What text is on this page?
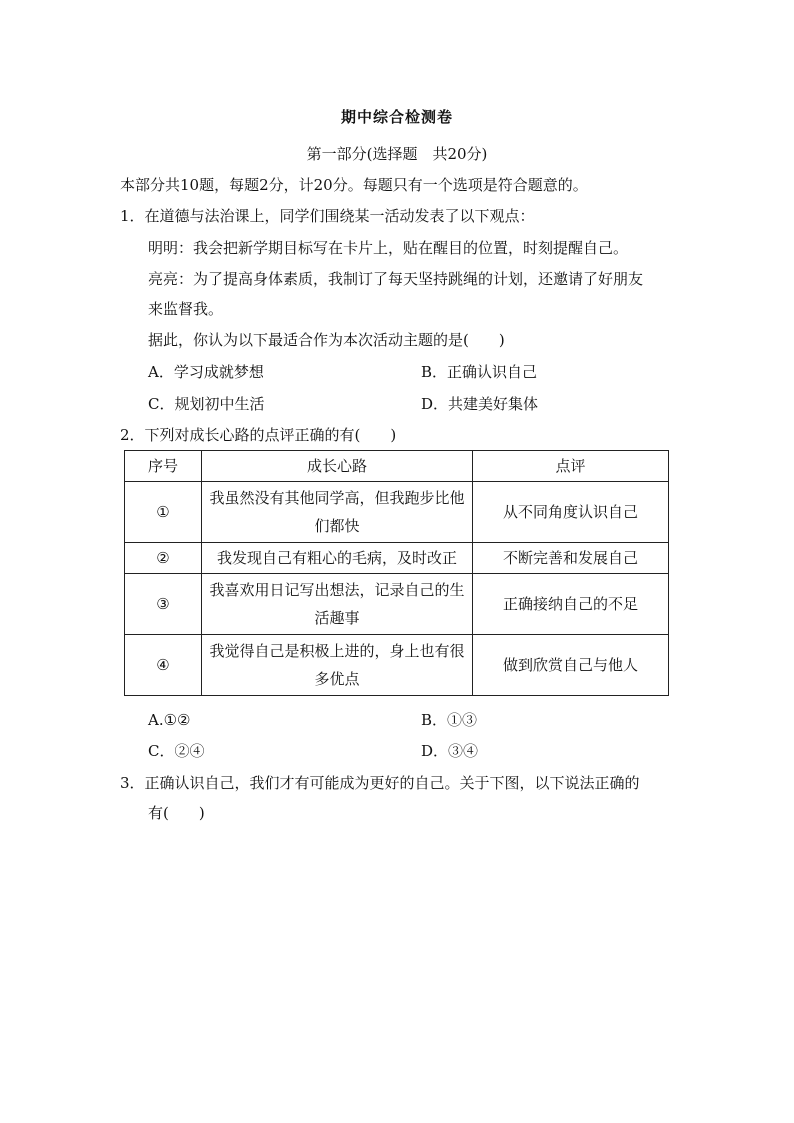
期中综合检测卷
第一部分(选择题　共20分)
本部分共10题，每题2分，计20分。每题只有一个选项是符合题意的。
1．在道德与法治课上，同学们围绕某一活动发表了以下观点：
明明：我会把新学期目标写在卡片上，贴在醒目的位置，时刻提醒自己。
亮亮：为了提高身体素质，我制订了每天坚持跳绳的计划，还邀请了好朋友
来监督我。
据此，你认为以下最适合作为本次活动主题的是(　　)
A．学习成就梦想	B．正确认识自己
C．规划初中生活	D．共建美好集体
2．下列对成长心路的点评正确的有(　　)
序号	成长心路	点评
①	我虽然没有其他同学高，但我跑步比他们都快	从不同角度认识自己
②	我发现自己有粗心的毛病，及时改正	不断完善和发展自己
③	我喜欢用日记写出想法，记录自己的生活趣事	正确接纳自己的不足
④	我觉得自己是积极上进的，身上也有很多优点	做到欣赏自己与他人
A.①②	B．①③
C．②④	D．③④
3．正确认识自己，我们才有可能成为更好的自己。关于下图，以下说法正确的
有(　　)
